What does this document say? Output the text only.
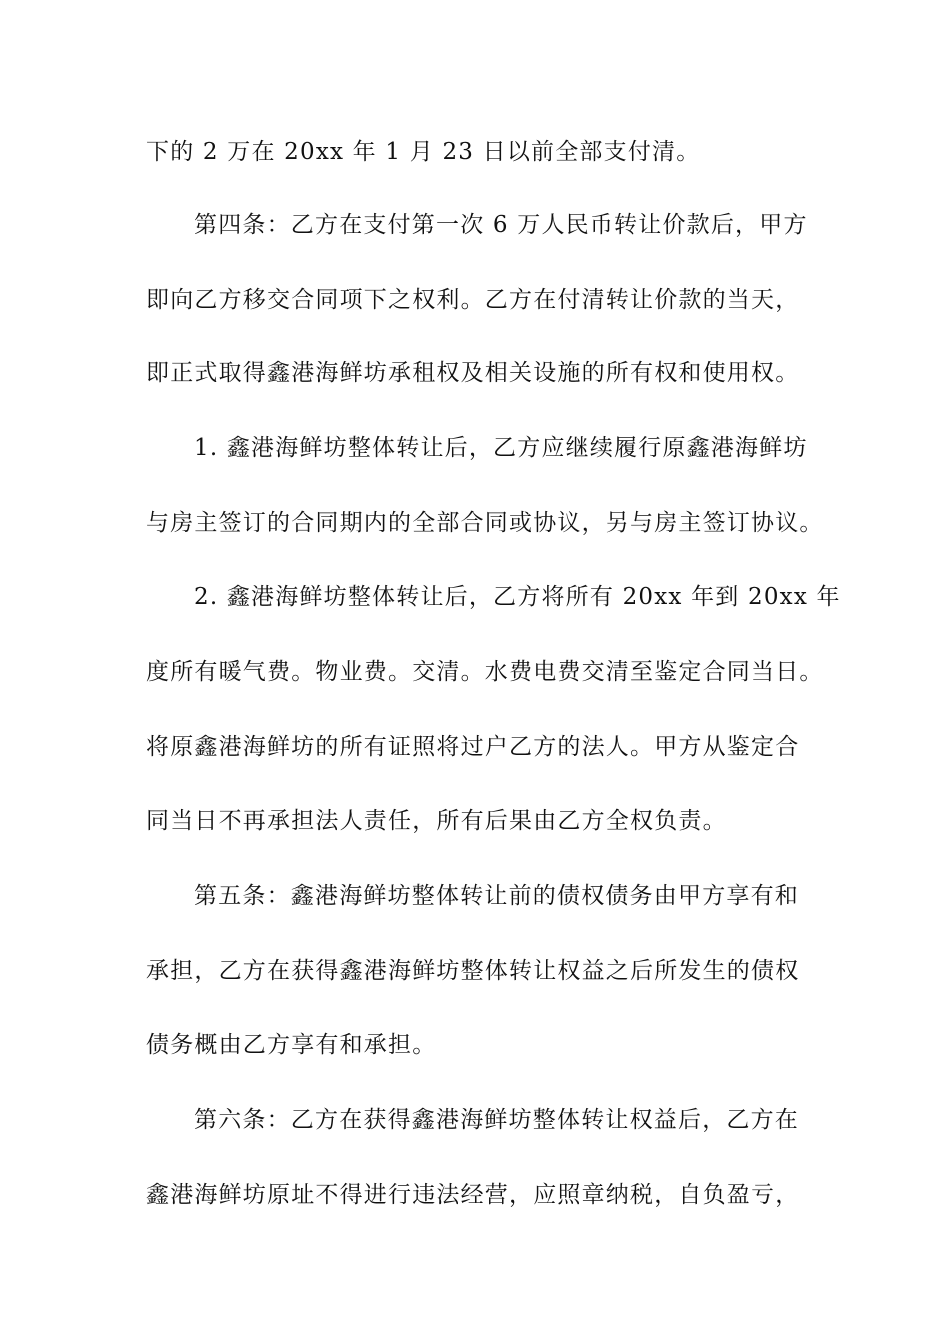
下的 2 万在 20xx 年 1 月 23 日以前全部支付清。
第四条：乙方在支付第一次 6 万人民币转让价款后，甲方
即向乙方移交合同项下之权利。乙方在付清转让价款的当天，
即正式取得鑫港海鲜坊承租权及相关设施的所有权和使用权。
1. 鑫港海鲜坊整体转让后，乙方应继续履行原鑫港海鲜坊
与房主签订的合同期内的全部合同或协议，另与房主签订协议。
2. 鑫港海鲜坊整体转让后，乙方将所有 20xx 年到 20xx 年
度所有暖气费。物业费。交清。水费电费交清至鉴定合同当日。
将原鑫港海鲜坊的所有证照将过户乙方的法人。甲方从鉴定合
同当日不再承担法人责任，所有后果由乙方全权负责。
第五条：鑫港海鲜坊整体转让前的债权债务由甲方享有和
承担，乙方在获得鑫港海鲜坊整体转让权益之后所发生的债权
债务概由乙方享有和承担。
第六条：乙方在获得鑫港海鲜坊整体转让权益后，乙方在
鑫港海鲜坊原址不得进行违法经营，应照章纳税，自负盈亏，
